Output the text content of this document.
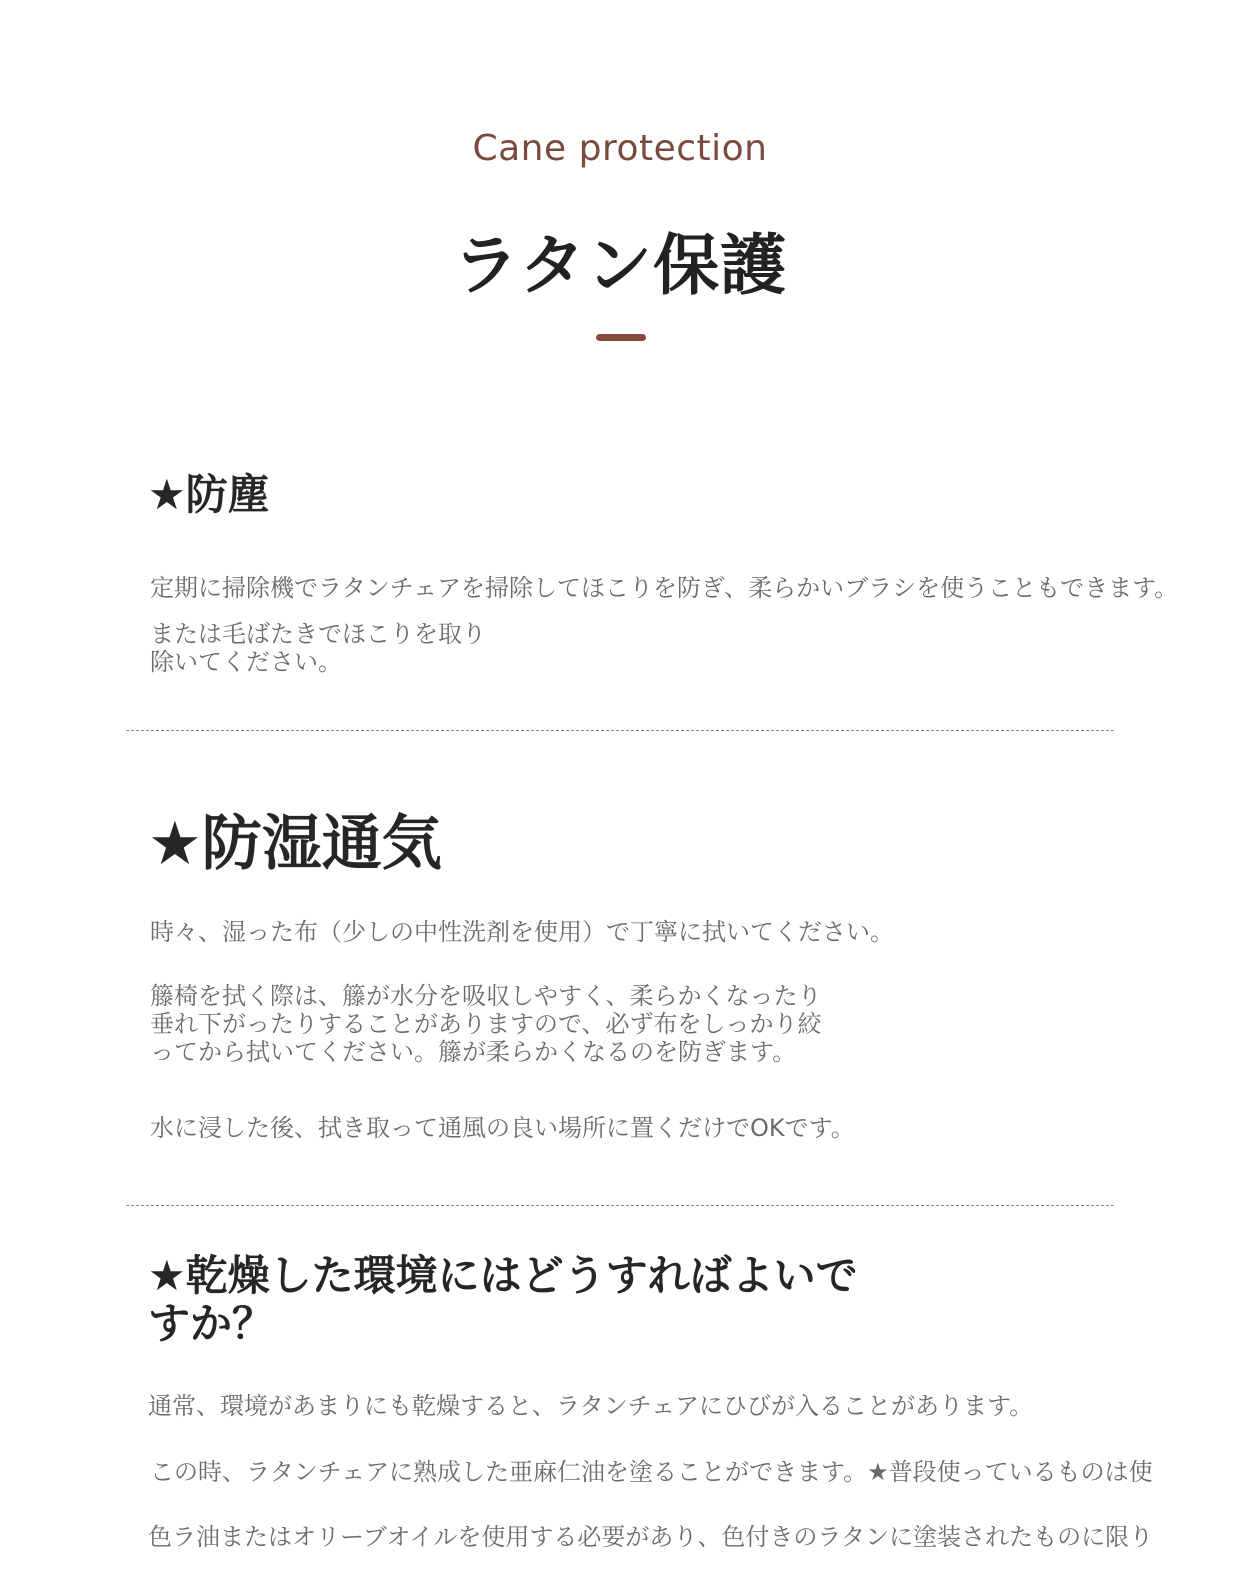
Cane protection
ラタン保護
★防塵
定期に掃除機でラタンチェアを掃除してほこりを防ぎ、柔らかいブラシを使うこともできます。
または毛ばたきでほこりを取り
除いてください。
★防湿通気
時々、湿った布（少しの中性洗剤を使用）で丁寧に拭いてください。
籐椅を拭く際は、籐が水分を吸収しやすく、柔らかくなったり
垂れ下がったりすることがありますので、必ず布をしっかり絞
ってから拭いてください。籐が柔らかくなるのを防ぎます。
水に浸した後、拭き取って通風の良い場所に置くだけでOKです。
★乾燥した環境にはどうすればよいですか？
通常、環境があまりにも乾燥すると、ラタンチェアにひびが入ることがあります。
この時、ラタンチェアに熟成した亜麻仁油を塗ることができます。★普段使っているものは使
色ラ油またはオリーブオイルを使用する必要があり、色付きのラタンに塗装されたものに限り
